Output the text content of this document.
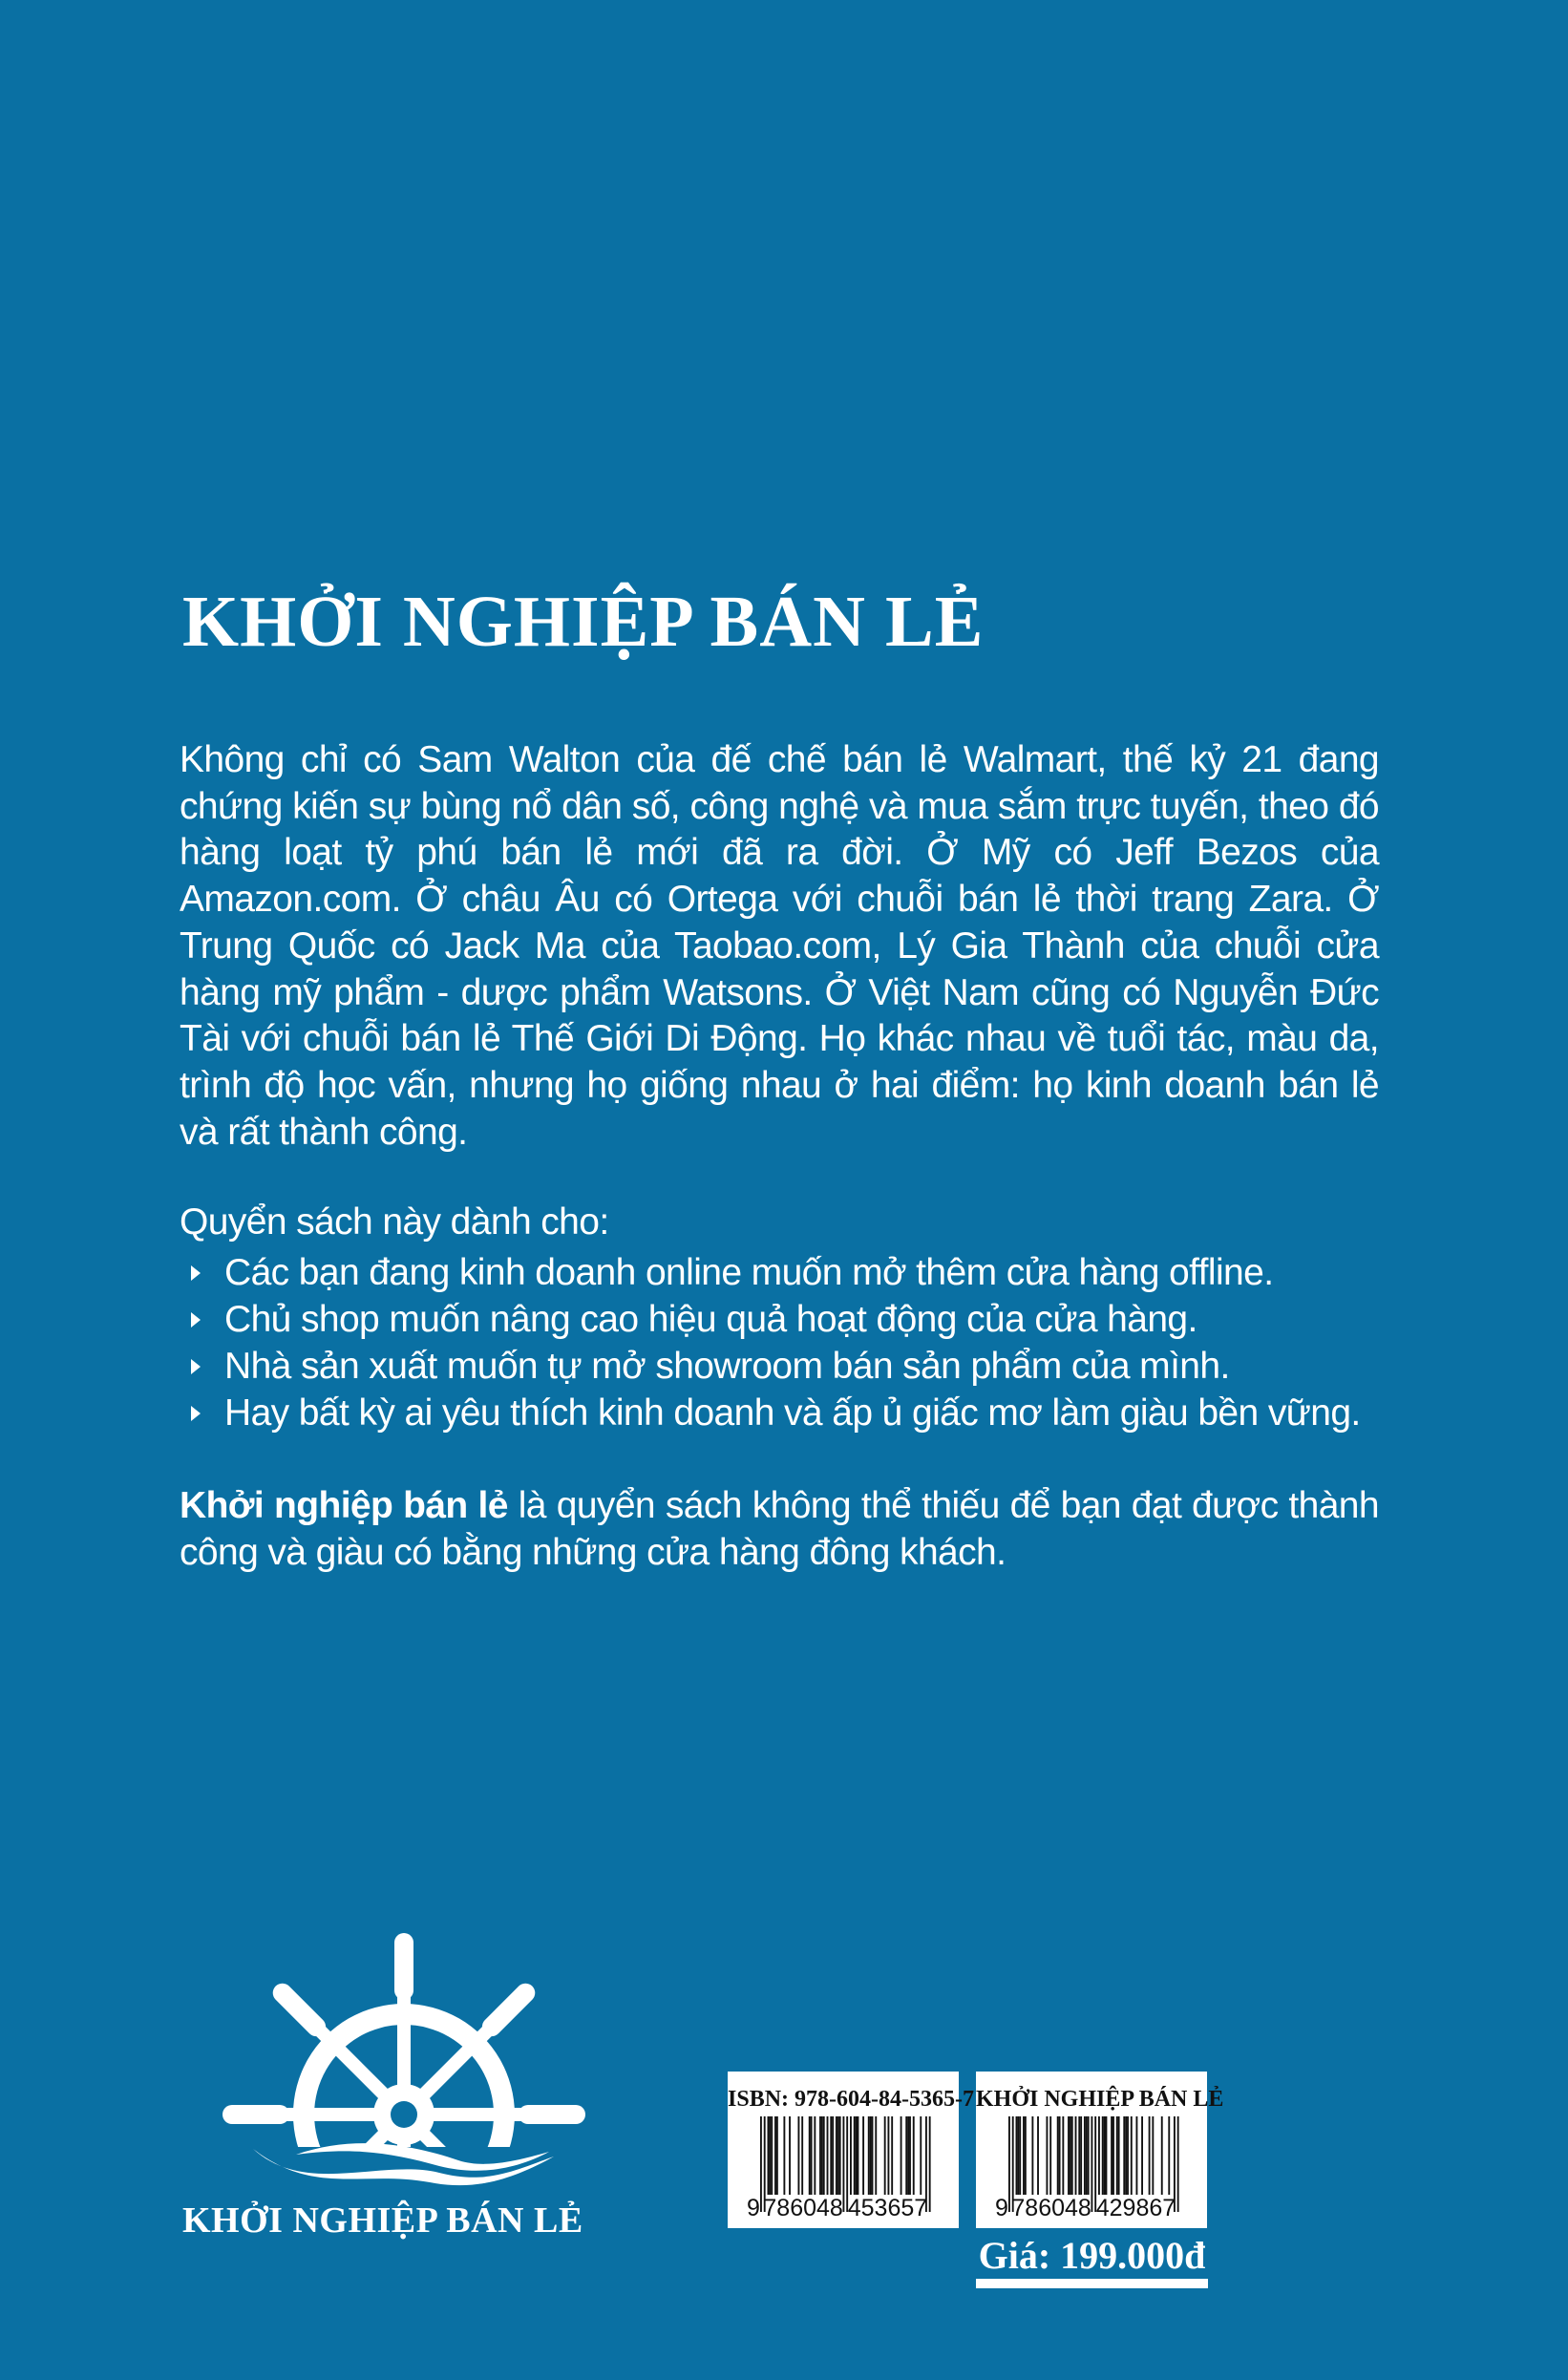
KHỞI NGHIỆP BÁN LẺ
Không chỉ có Sam Walton của đế chế bán lẻ Walmart, thế kỷ 21 đang
chứng kiến sự bùng nổ dân số, công nghệ và mua sắm trực tuyến, theo đó
hàng loạt tỷ phú bán lẻ mới đã ra đời. Ở Mỹ có Jeff Bezos của
Amazon.com. Ở châu Âu có Ortega với chuỗi bán lẻ thời trang Zara. Ở
Trung Quốc có Jack Ma của Taobao.com, Lý Gia Thành của chuỗi cửa
hàng mỹ phẩm - dược phẩm Watsons. Ở Việt Nam cũng có Nguyễn Đức
Tài với chuỗi bán lẻ Thế Giới Di Động. Họ khác nhau về tuổi tác, màu da,
trình độ học vấn, nhưng họ giống nhau ở hai điểm: họ kinh doanh bán lẻ
và rất thành công.
Quyển sách này dành cho:
Các bạn đang kinh doanh online muốn mở thêm cửa hàng offline.
Chủ shop muốn nâng cao hiệu quả hoạt động của cửa hàng.
Nhà sản xuất muốn tự mở showroom bán sản phẩm của mình.
Hay bất kỳ ai yêu thích kinh doanh và ấp ủ giấc mơ làm giàu bền vững.
Khởi nghiệp bán lẻ là quyển sách không thể thiếu để bạn đạt được thành
công và giàu có bằng những cửa hàng đông khách.
KHỞI NGHIỆP BÁN LẺ
ISBN: 978-604-84-5365-7
9 786048 453657
KHỞI NGHIỆP BÁN LẺ
9 786048 429867
Giá: 199.000đ
